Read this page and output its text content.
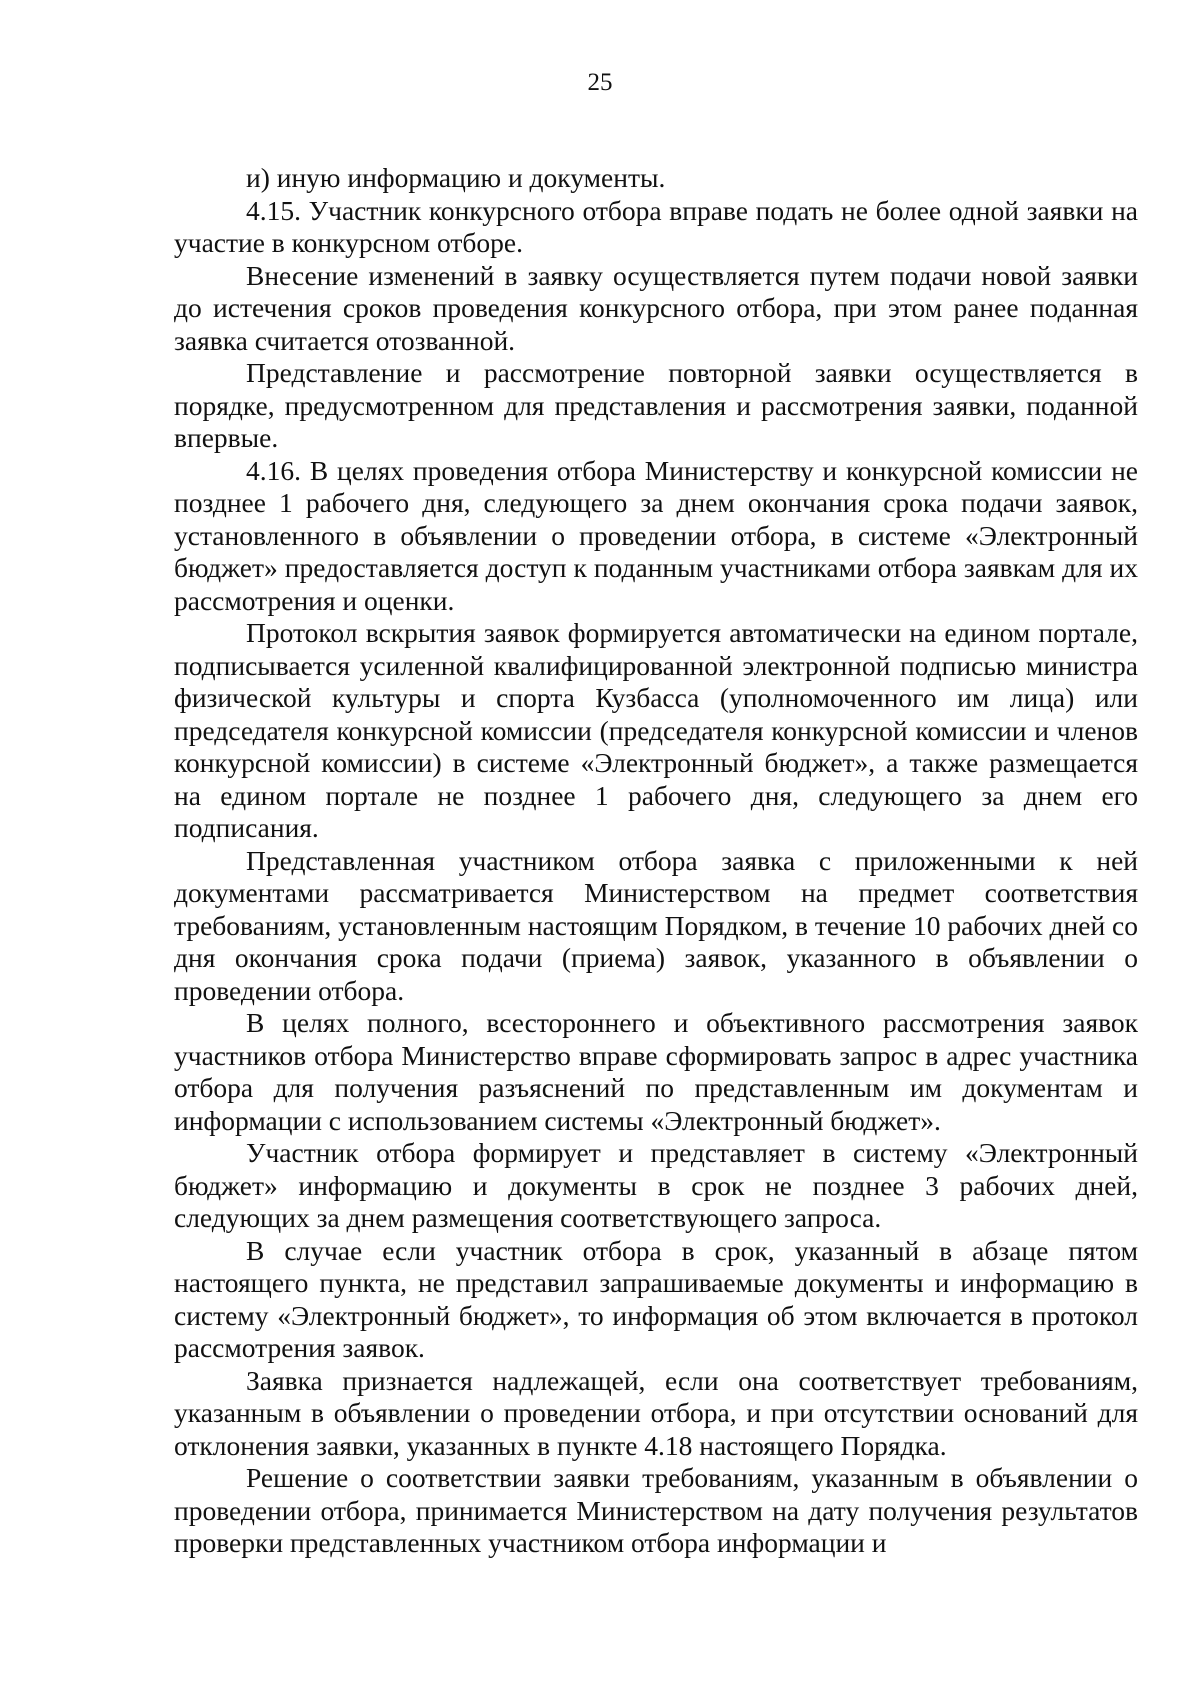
25

и) иную информацию и документы.

4.15. Участник конкурсного отбора вправе подать не более одной заявки на участие в конкурсном отборе.

Внесение изменений в заявку осуществляется путем подачи новой заявки до истечения сроков проведения конкурсного отбора, при этом ранее поданная заявка считается отозванной.

Представление и рассмотрение повторной заявки осуществляется в порядке, предусмотренном для представления и рассмотрения заявки, поданной впервые.

4.16. В целях проведения отбора Министерству и конкурсной комиссии не позднее 1 рабочего дня, следующего за днем окончания срока подачи заявок, установленного в объявлении о проведении отбора, в системе «Электронный бюджет» предоставляется доступ к поданным участниками отбора заявкам для их рассмотрения и оценки.

Протокол вскрытия заявок формируется автоматически на едином портале, подписывается усиленной квалифицированной электронной подписью министра физической культуры и спорта Кузбасса (уполномоченного им лица) или председателя конкурсной комиссии (председателя конкурсной комиссии и членов конкурсной комиссии) в системе «Электронный бюджет», а также размещается на едином портале не позднее 1 рабочего дня, следующего за днем его подписания.

Представленная участником отбора заявка с приложенными к ней документами рассматривается Министерством на предмет соответствия требованиям, установленным настоящим Порядком, в течение 10 рабочих дней со дня окончания срока подачи (приема) заявок, указанного в объявлении о проведении отбора.

В целях полного, всестороннего и объективного рассмотрения заявок участников отбора Министерство вправе сформировать запрос в адрес участника отбора для получения разъяснений по представленным им документам и информации с использованием системы «Электронный бюджет».

Участник отбора формирует и представляет в систему «Электронный бюджет» информацию и документы в срок не позднее 3 рабочих дней, следующих за днем размещения соответствующего запроса.

В случае если участник отбора в срок, указанный в абзаце пятом настоящего пункта, не представил запрашиваемые документы и информацию в систему «Электронный бюджет», то информация об этом включается в протокол рассмотрения заявок.

Заявка признается надлежащей, если она соответствует требованиям, указанным в объявлении о проведении отбора, и при отсутствии оснований для отклонения заявки, указанных в пункте 4.18 настоящего Порядка.

Решение о соответствии заявки требованиям, указанным в объявлении о проведении отбора, принимается Министерством на дату получения результатов проверки представленных участником отбора информации и
